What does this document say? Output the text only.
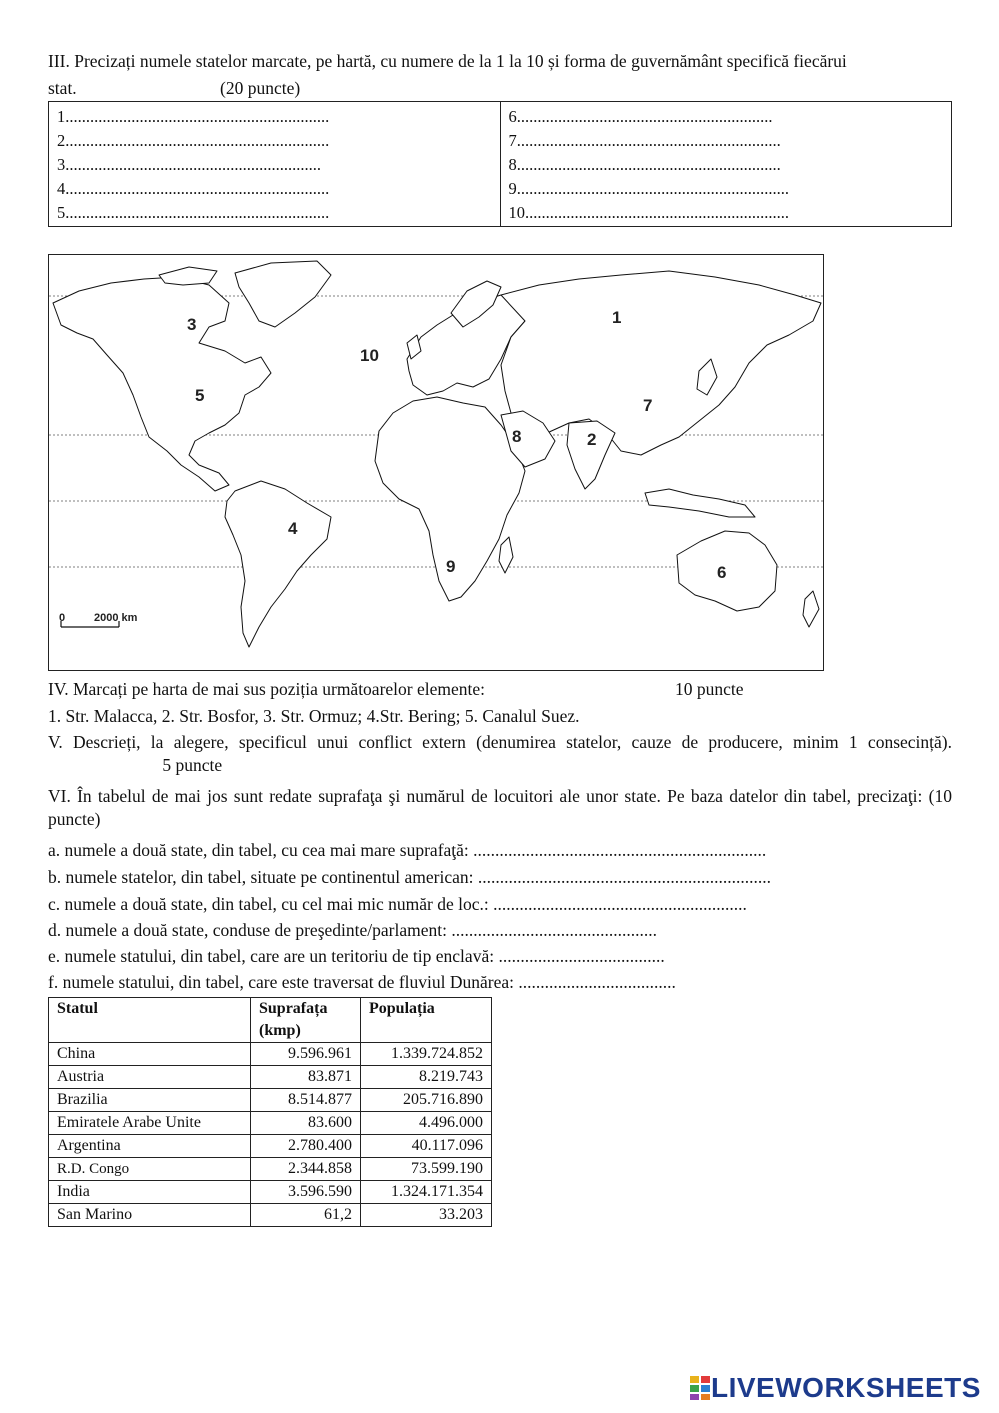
III. Precizați numele statelor marcate, pe hartă, cu numere de la 1 la 10 și forma de guvernământ specifică fiecărui
stat.	(20 puncte)
1................................................................
2................................................................
3..............................................................
4................................................................
5................................................................
6..............................................................
7................................................................
8................................................................
9..................................................................
10................................................................
1
2
3
4
5
6
7
8
9
10
0	2000 km
IV. Marcați pe harta de mai sus poziția următoarelor elemente:	10 puncte
1. Str. Malacca, 2. Str. Bosfor, 3. Str. Ormuz; 4.Str. Bering; 5. Canalul Suez.
V. Descrieți, la alegere, specificul unui conflict extern (denumirea statelor, cauze de producere, minim 1 consecință).  5 puncte
VI. În tabelul de mai jos sunt redate suprafaţa şi numărul de locuitori ale unor state. Pe baza datelor din tabel, precizaţi: (10 puncte)
a. numele a două state, din tabel, cu cea mai mare suprafaţă: ...................................................................
b. numele statelor, din tabel, situate pe continentul american: ...................................................................
c. numele a două state, din tabel, cu cel mai mic număr de loc.: ..........................................................
d. numele a două state, conduse de preşedinte/parlament: ...............................................
e. numele statului, din tabel, care are un teritoriu de tip enclavă: ......................................
f. numele statului, din tabel, care este traversat de fluviul Dunărea: ....................................
Statul	Suprafața (kmp)	Populația
China	9.596.961	1.339.724.852
Austria	83.871	8.219.743
Brazilia	8.514.877	205.716.890
Emiratele Arabe Unite	83.600	4.496.000
Argentina	2.780.400	40.117.096
R.D. Congo	2.344.858	73.599.190
India	3.596.590	1.324.171.354
San Marino	61,2	33.203
LIVEWORKSHEETS
